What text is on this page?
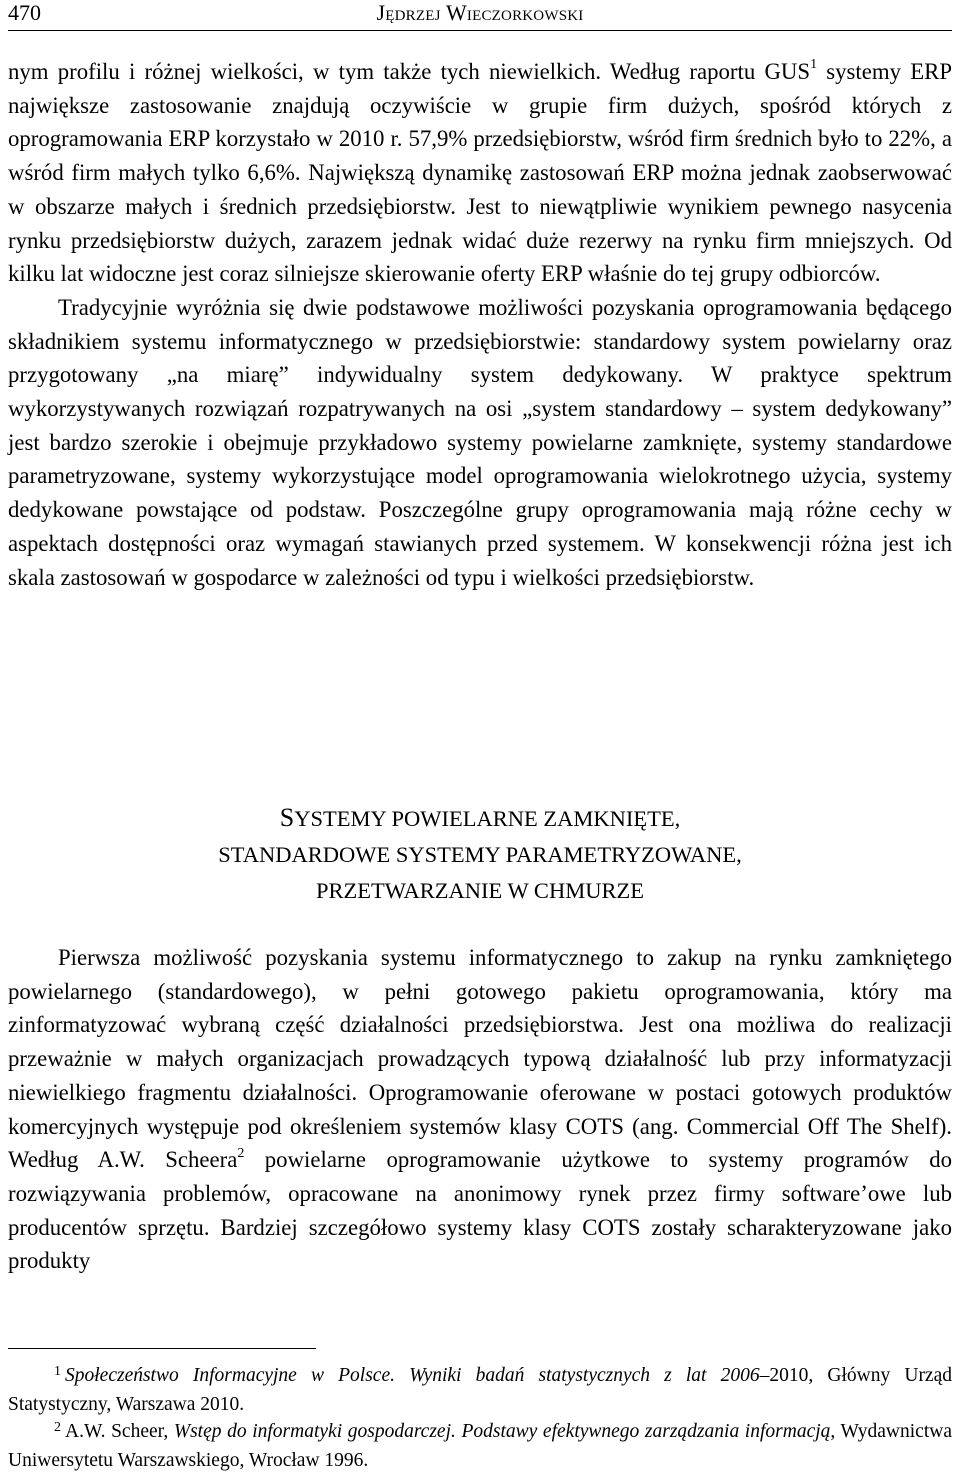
470	Jędrzej Wieczorkowski

nym profilu i różnej wielkości, w tym także tych niewielkich. Według raportu GUS$^1$ systemy ERP największe zastosowanie znajdują oczywiście w grupie firm dużych, spośród których z oprogramowania ERP korzystało w 2010 r. 57,9% przedsiębiorstw, wśród firm średnich było to 22%, a wśród firm małych tylko 6,6%. Największą dynamikę zastosowań ERP można jednak zaobserwować w obszarze małych i średnich przedsiębiorstw. Jest to niewątpliwie wynikiem pewnego nasycenia rynku przedsiębiorstw dużych, zarazem jednak widać duże rezerwy na rynku firm mniejszych. Od kilku lat widoczne jest coraz silniejsze skierowanie oferty ERP właśnie do tej grupy odbiorców.

Tradycyjnie wyróżnia się dwie podstawowe możliwości pozyskania oprogramowania będącego składnikiem systemu informatycznego w przedsiębiorstwie: standardowy system powielarny oraz przygotowany „na miarę” indywidualny system dedykowany. W praktyce spektrum wykorzystywanych rozwiązań rozpatrywanych na osi „system standardowy – system dedykowany” jest bardzo szerokie i obejmuje przykładowo systemy powielarne zamknięte, systemy standardowe parametryzowane, systemy wykorzystujące model oprogramowania wielokrotnego użycia, systemy dedykowane powstające od podstaw. Poszczególne grupy oprogramowania mają różne cechy w aspektach dostępności oraz wymagań stawianych przed systemem. W konsekwencji różna jest ich skala zastosowań w gospodarce w zależności od typu i wielkości przedsiębiorstw.

SYSTEMY POWIELARNE ZAMKNIĘTE,
STANDARDOWE SYSTEMY PARAMETRYZOWANE,
PRZETWARZANIE W CHMURZE

Pierwsza możliwość pozyskania systemu informatycznego to zakup na rynku zamkniętego powielarnego (standardowego), w pełni gotowego pakietu oprogramowania, który ma zinformatyzować wybraną część działalności przedsiębiorstwa. Jest ona możliwa do realizacji przeważnie w małych organizacjach prowadzących typową działalność lub przy informatyzacji niewielkiego fragmentu działalności. Oprogramowanie oferowane w postaci gotowych produktów komercyjnych występuje pod określeniem systemów klasy COTS (ang. Commercial Off The Shelf). Według A.W. Scheera$^2$ powielarne oprogramowanie użytkowe to systemy programów do rozwiązywania problemów, opracowane na anonimowy rynek przez firmy software’owe lub producentów sprzętu. Bardziej szczegółowo systemy klasy COTS zostały scharakteryzowane jako produkty

$^1$ Społeczeństwo Informacyjne w Polsce. Wyniki badań statystycznych z lat 2006–2010, Główny Urząd Statystyczny, Warszawa 2010.

$^2$ A.W. Scheer, Wstęp do informatyki gospodarczej. Podstawy efektywnego zarządzania informacją, Wydawnictwa Uniwersytetu Warszawskiego, Wrocław 1996.
